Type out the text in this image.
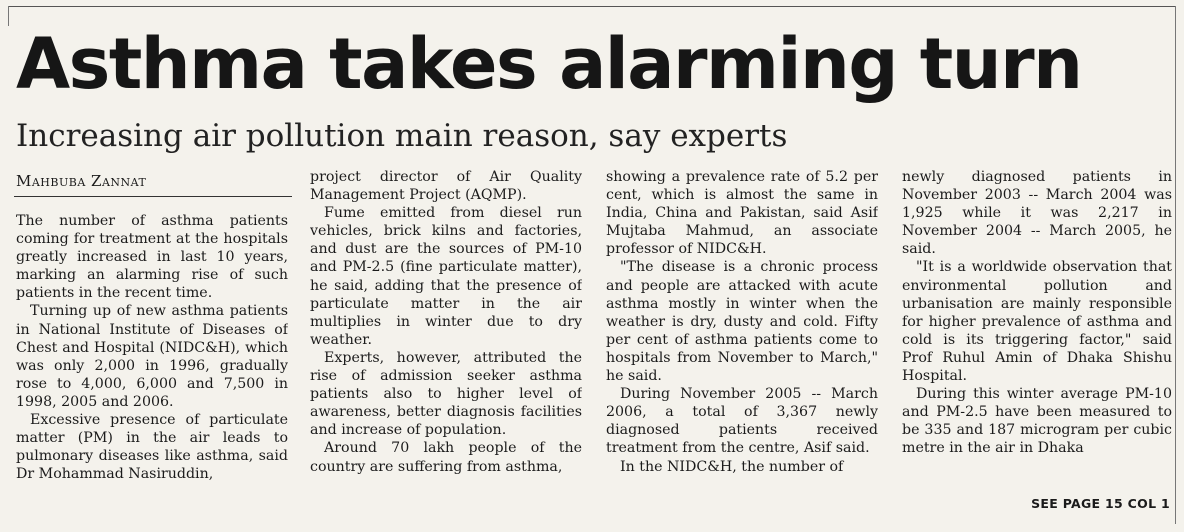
Asthma takes alarming turn
Increasing air pollution main reason, say experts
Mahbuba Zannat

The number of asthma patients coming for treatment at the hospitals greatly increased in last 10 years, marking an alarming rise of such patients in the recent time.

Turning up of new asthma patients in National Institute of Diseases of Chest and Hospital (NIDC&H), which was only 2,000 in 1996, gradually rose to 4,000, 6,000 and 7,500 in 1998, 2005 and 2006.

Excessive presence of particulate matter (PM) in the air leads to pulmonary diseases like asthma, said Dr Mohammad Nasiruddin,

project director of Air Quality Management Project (AQMP).

Fume emitted from diesel run vehicles, brick kilns and factories, and dust are the sources of PM-10 and PM-2.5 (fine particulate matter), he said, adding that the presence of particulate matter in the air multiplies in winter due to dry weather.

Experts, however, attributed the rise of admission seeker asthma patients also to higher level of awareness, better diagnosis facilities and increase of population.

Around 70 lakh people of the country are suffering from asthma,

showing a prevalence rate of 5.2 per cent, which is almost the same in India, China and Pakistan, said Asif Mujtaba Mahmud, an associate professor of NIDC&H.

"The disease is a chronic process and people are attacked with acute asthma mostly in winter when the weather is dry, dusty and cold. Fifty per cent of asthma patients come to hospitals from November to March," he said.

During November 2005 -- March 2006, a total of 3,367 newly diagnosed patients received treatment from the centre, Asif said.

In the NIDC&H, the number of

newly diagnosed patients in November 2003 -- March 2004 was 1,925 while it was 2,217 in November 2004 -- March 2005, he said.

"It is a worldwide observation that environmental pollution and urbanisation are mainly responsible for higher prevalence of asthma and cold is its triggering factor," said Prof Ruhul Amin of Dhaka Shishu Hospital.

During this winter average PM-10 and PM-2.5 have been measured to be 335 and 187 microgram per cubic metre in the air in Dhaka

SEE PAGE 15 COL 1
